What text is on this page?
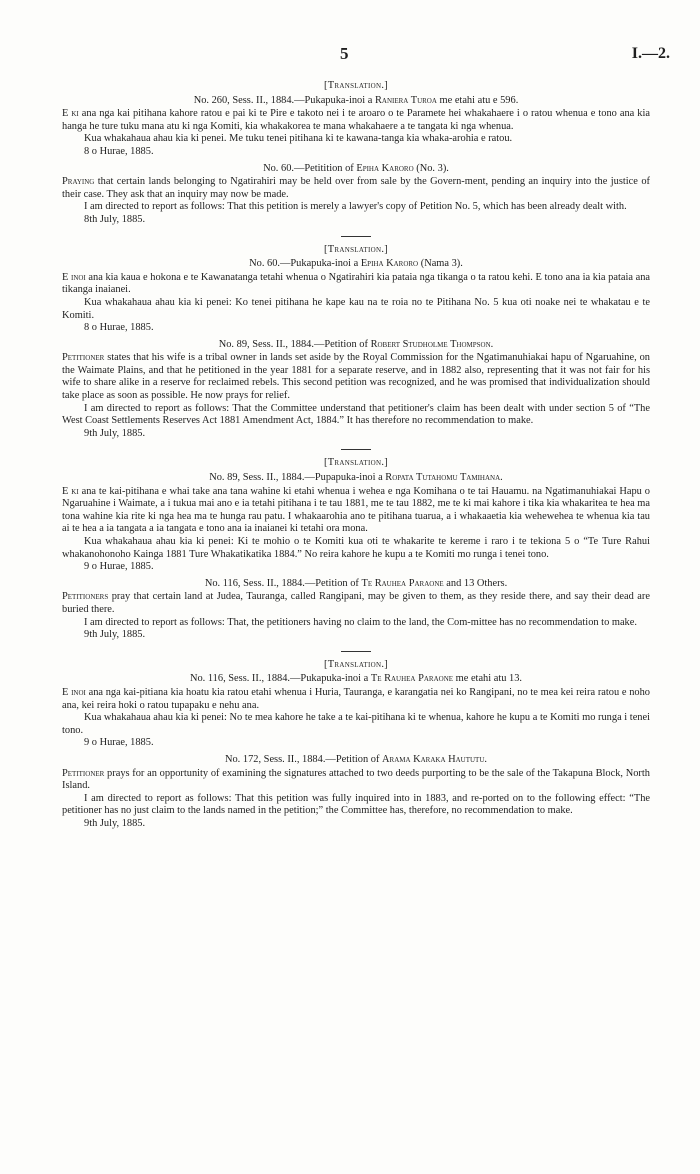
5	I.—2.
[Translation.]
No. 260, Sess. II., 1884.—Pukapuka-inoi a Raniera Turoa me etahi atu e 596.

E ki ana nga kai pitihana kahore ratou e pai ki te Pire e takoto nei i te aroaro o te Paramete hei whakahaere i o ratou whenua e tono ana kia hanga he ture tuku mana atu ki nga Komiti, kia whakakorea te mana whakahaere a te tangata ki nga whenua.

Kua whakahaua ahau kia ki penei. Me tuku tenei pitihana ki te kawana-tanga kia whaka-arohia e ratou.

8 o Hurae, 1885.

No. 60.—Petitition of Epiha Karoro (No. 3).

Praying that certain lands belonging to Ngatirahiri may be held over from sale by the Govern-ment, pending an inquiry into the justice of their case. They ask that an inquiry may now be made.

I am directed to report as follows: That this petition is merely a lawyer's copy of Petition No. 5, which has been already dealt with.

8th July, 1885.

[Translation.]
No. 60.—Pukapuka-inoi a Epiha Karoro (Nama 3).

E inoi ana kia kaua e hokona e te Kawanatanga tetahi whenua o Ngatirahiri kia pataia nga tikanga o ta ratou kehi. E tono ana ia kia pataia ana tikanga inaianei.

Kua whakahaua ahau kia ki penei: Ko tenei pitihana he kape kau na te roia no te Pitihana No. 5 kua oti noake nei te whakatau e te Komiti.

8 o Hurae, 1885.

No. 89, Sess. II., 1884.—Petition of Robert Studholme Thompson.

Petitioner states that his wife is a tribal owner in lands set aside by the Royal Commission for the Ngatimanuhiakai hapu of Ngaruahine, on the Waimate Plains, and that he petitioned in the year 1881 for a separate reserve, and in 1882 also, representing that it was not fair for his wife to share alike in a reserve for reclaimed rebels. This second petition was recognized, and he was promised that individualization should take place as soon as possible. He now prays for relief.

I am directed to report as follows: That the Committee understand that petitioner's claim has been dealt with under section 5 of “The West Coast Settlements Reserves Act 1881 Amendment Act, 1884.” It has therefore no recommendation to make.

9th July, 1885.

[Translation.]
No. 89, Sess. II., 1884.—Pupapuka-inoi a Ropata Tutahomu Tamihana.

E ki ana te kai-pitihana e whai take ana tana wahine ki etahi whenua i wehea e nga Komihana o te tai Hauamu. na Ngatimanuhiakai Hapu o Ngaruahine i Waimate, a i tukua mai ano e ia tetahi pitihana i te tau 1881, me te tau 1882, me te ki mai kahore i tika kia whakaritea te hea ma tona wahine kia rite ki nga hea ma te hunga rau patu. I whakaarohia ano te pitihana tuarua, a i whakaaetia kia wehewehea te whenua kia tau ai te hea a ia tangata a ia tangata e tono ana ia inaianei ki tetahi ora mona.

Kua whakahaua ahau kia ki penei: Ki te mohio o te Komiti kua oti te whakarite te kereme i raro i te tekiona 5 o “Te Ture Rahui whakanohonoho Kainga 1881 Ture Whakatikatika 1884.” No reira kahore he kupu a te Komiti mo runga i tenei tono.

9 o Hurae, 1885.

No. 116, Sess. II., 1884.—Petition of Te Rauhea Paraone and 13 Others.

Petitioners pray that certain land at Judea, Tauranga, called Rangipani, may be given to them, as they reside there, and say their dead are buried there.

I am directed to report as follows: That, the petitioners having no claim to the land, the Com-mittee has no recommendation to make.

9th July, 1885.

[Translation.]
No. 116, Sess. II., 1884.—Pukapuka-inoi a Te Rauhea Paraone me etahi atu 13.

E inoi ana nga kai-pitiana kia hoatu kia ratou etahi whenua i Huria, Tauranga, e karangatia nei ko Rangipani, no te mea kei reira ratou e noho ana, kei reira hoki o ratou tupapaku e nehu ana.

Kua whakahaua ahau kia ki penei: No te mea kahore he take a te kai-pitihana ki te whenua, kahore he kupu a te Komiti mo runga i tenei tono.

9 o Hurae, 1885.

No. 172, Sess. II., 1884.—Petition of Arama Karaka Haututu.

Petitioner prays for an opportunity of examining the signatures attached to two deeds purporting to be the sale of the Takapuna Block, North Island.

I am directed to report as follows: That this petition was fully inquired into in 1883, and re-ported on to the following effect: “The petitioner has no just claim to the lands named in the petition;” the Committee has, therefore, no recommendation to make.

9th July, 1885.
